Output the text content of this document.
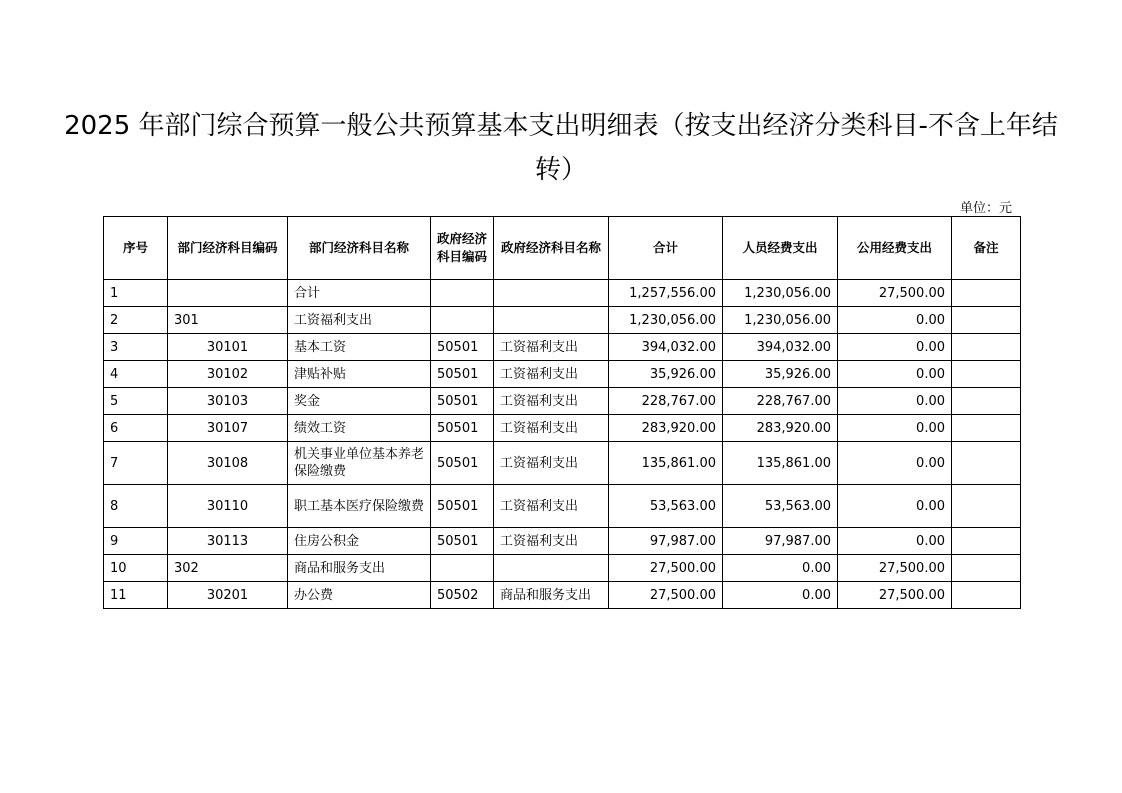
2025 年部门综合预算一般公共预算基本支出明细表（按支出经济分类科目-不含上年结转）
单位：元
序号	部门经济科目编码	部门经济科目名称	政府经济科目编码	政府经济科目名称	合计	人员经费支出	公用经费支出	备注
1		合计			1,257,556.00	1,230,056.00	27,500.00	
2	301	工资福利支出			1,230,056.00	1,230,056.00	0.00	
3	30101	基本工资	50501	工资福利支出	394,032.00	394,032.00	0.00	
4	30102	津贴补贴	50501	工资福利支出	35,926.00	35,926.00	0.00	
5	30103	奖金	50501	工资福利支出	228,767.00	228,767.00	0.00	
6	30107	绩效工资	50501	工资福利支出	283,920.00	283,920.00	0.00	
7	30108	机关事业单位基本养老保险缴费	50501	工资福利支出	135,861.00	135,861.00	0.00	
8	30110	职工基本医疗保险缴费	50501	工资福利支出	53,563.00	53,563.00	0.00	
9	30113	住房公积金	50501	工资福利支出	97,987.00	97,987.00	0.00	
10	302	商品和服务支出			27,500.00	0.00	27,500.00	
11	30201	办公费	50502	商品和服务支出	27,500.00	0.00	27,500.00	
